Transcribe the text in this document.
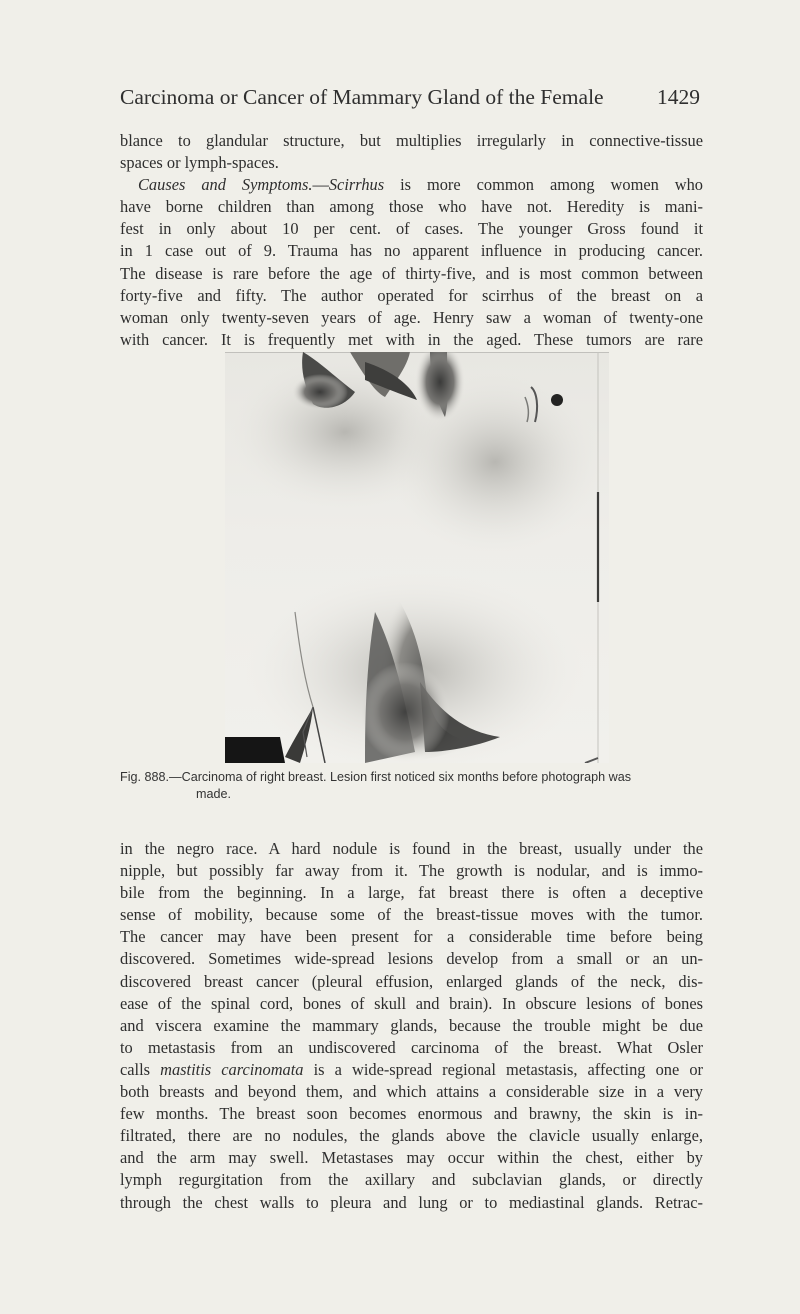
Carcinoma or Cancer of Mammary Gland of the Female 1429
blance to glandular structure, but multiplies irregularly in connective-tissue
spaces or lymph-spaces.
Causes and Symptoms.—Scirrhus is more common among women who
have borne children than among those who have not. Heredity is mani-
fest in only about 10 per cent. of cases. The younger Gross found it
in 1 case out of 9. Trauma has no apparent influence in producing cancer.
The disease is rare before the age of thirty-five, and is most common between
forty-five and fifty. The author operated for scirrhus of the breast on a
woman only twenty-seven years of age. Henry saw a woman of twenty-one
with cancer. It is frequently met with in the aged. These tumors are rare
Fig. 888.—Carcinoma of right breast. Lesion first noticed six months before photograph was
made.
in the negro race. A hard nodule is found in the breast, usually under the
nipple, but possibly far away from it. The growth is nodular, and is immo-
bile from the beginning. In a large, fat breast there is often a deceptive
sense of mobility, because some of the breast-tissue moves with the tumor.
The cancer may have been present for a considerable time before being
discovered. Sometimes wide-spread lesions develop from a small or an un-
discovered breast cancer (pleural effusion, enlarged glands of the neck, dis-
ease of the spinal cord, bones of skull and brain). In obscure lesions of bones
and viscera examine the mammary glands, because the trouble might be due
to metastasis from an undiscovered carcinoma of the breast. What Osler
calls mastitis carcinomata is a wide-spread regional metastasis, affecting one or
both breasts and beyond them, and which attains a considerable size in a very
few months. The breast soon becomes enormous and brawny, the skin is in-
filtrated, there are no nodules, the glands above the clavicle usually enlarge,
and the arm may swell. Metastases may occur within the chest, either by
lymph regurgitation from the axillary and subclavian glands, or directly
through the chest walls to pleura and lung or to mediastinal glands. Retrac-
